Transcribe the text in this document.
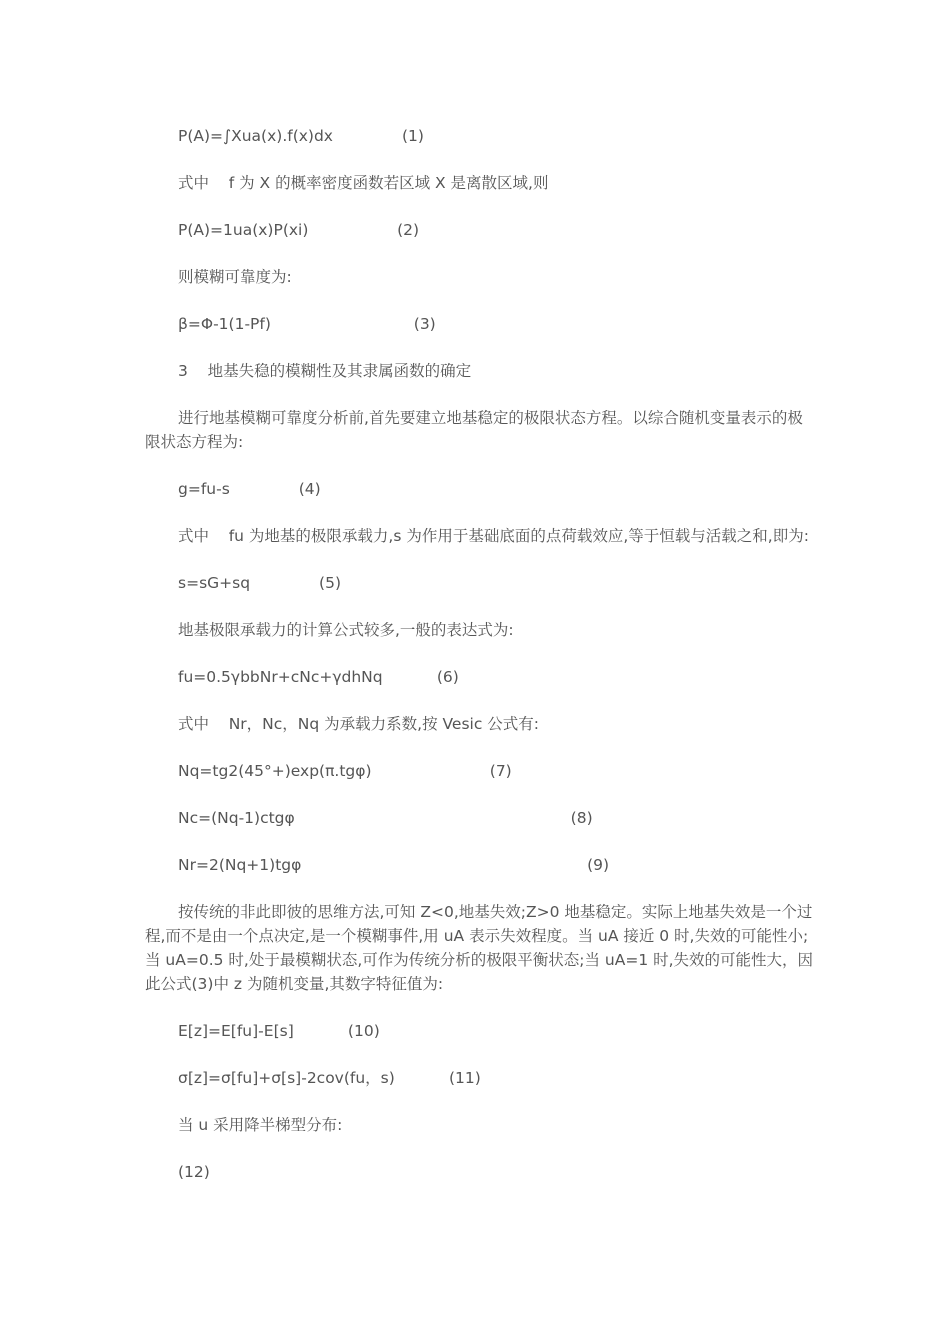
P(A)=∫Xua(x).f(x)dx              (1)

式中    f 为 X 的概率密度函数若区域 X 是离散区域,则

P(A)=1ua(x)P(xi)                  (2)

则模糊可靠度为:

β=Φ-1(1-Pf)                             (3)

3    地基失稳的模糊性及其隶属函数的确定

进行地基模糊可靠度分析前,首先要建立地基稳定的极限状态方程。以综合随机变量表示的极限状态方程为:

g=fu-s              (4)

式中    fu 为地基的极限承载力,s 为作用于基础底面的点荷载效应,等于恒载与活载之和,即为:

s=sG+sq              (5)

地基极限承载力的计算公式较多,一般的表达式为:

fu=0.5γbbNr+cNc+γdhNq           (6)

式中    Nr，Nc，Nq 为承载力系数,按 Vesic 公式有:

Nq=tg2(45°+)exp(π.tgφ)                        (7)

Nc=(Nq-1)ctgφ                                                        (8)

Nr=2(Nq+1)tgφ                                                          (9)

按传统的非此即彼的思维方法,可知 Z<0,地基失效;Z>0 地基稳定。实际上地基失效是一个过程,而不是由一个点决定,是一个模糊事件,用 uA 表示失效程度。当 uA 接近 0 时,失效的可能性小;当 uA=0.5 时,处于最模糊状态,可作为传统分析的极限平衡状态;当 uA=1 时,失效的可能性大，因此公式(3)中 z 为随机变量,其数字特征值为:

E[z]=E[fu]-E[s]           (10)

σ[z]=σ[fu]+σ[s]-2cov(fu，s)           (11)

当 u 采用降半梯型分布:

(12)
